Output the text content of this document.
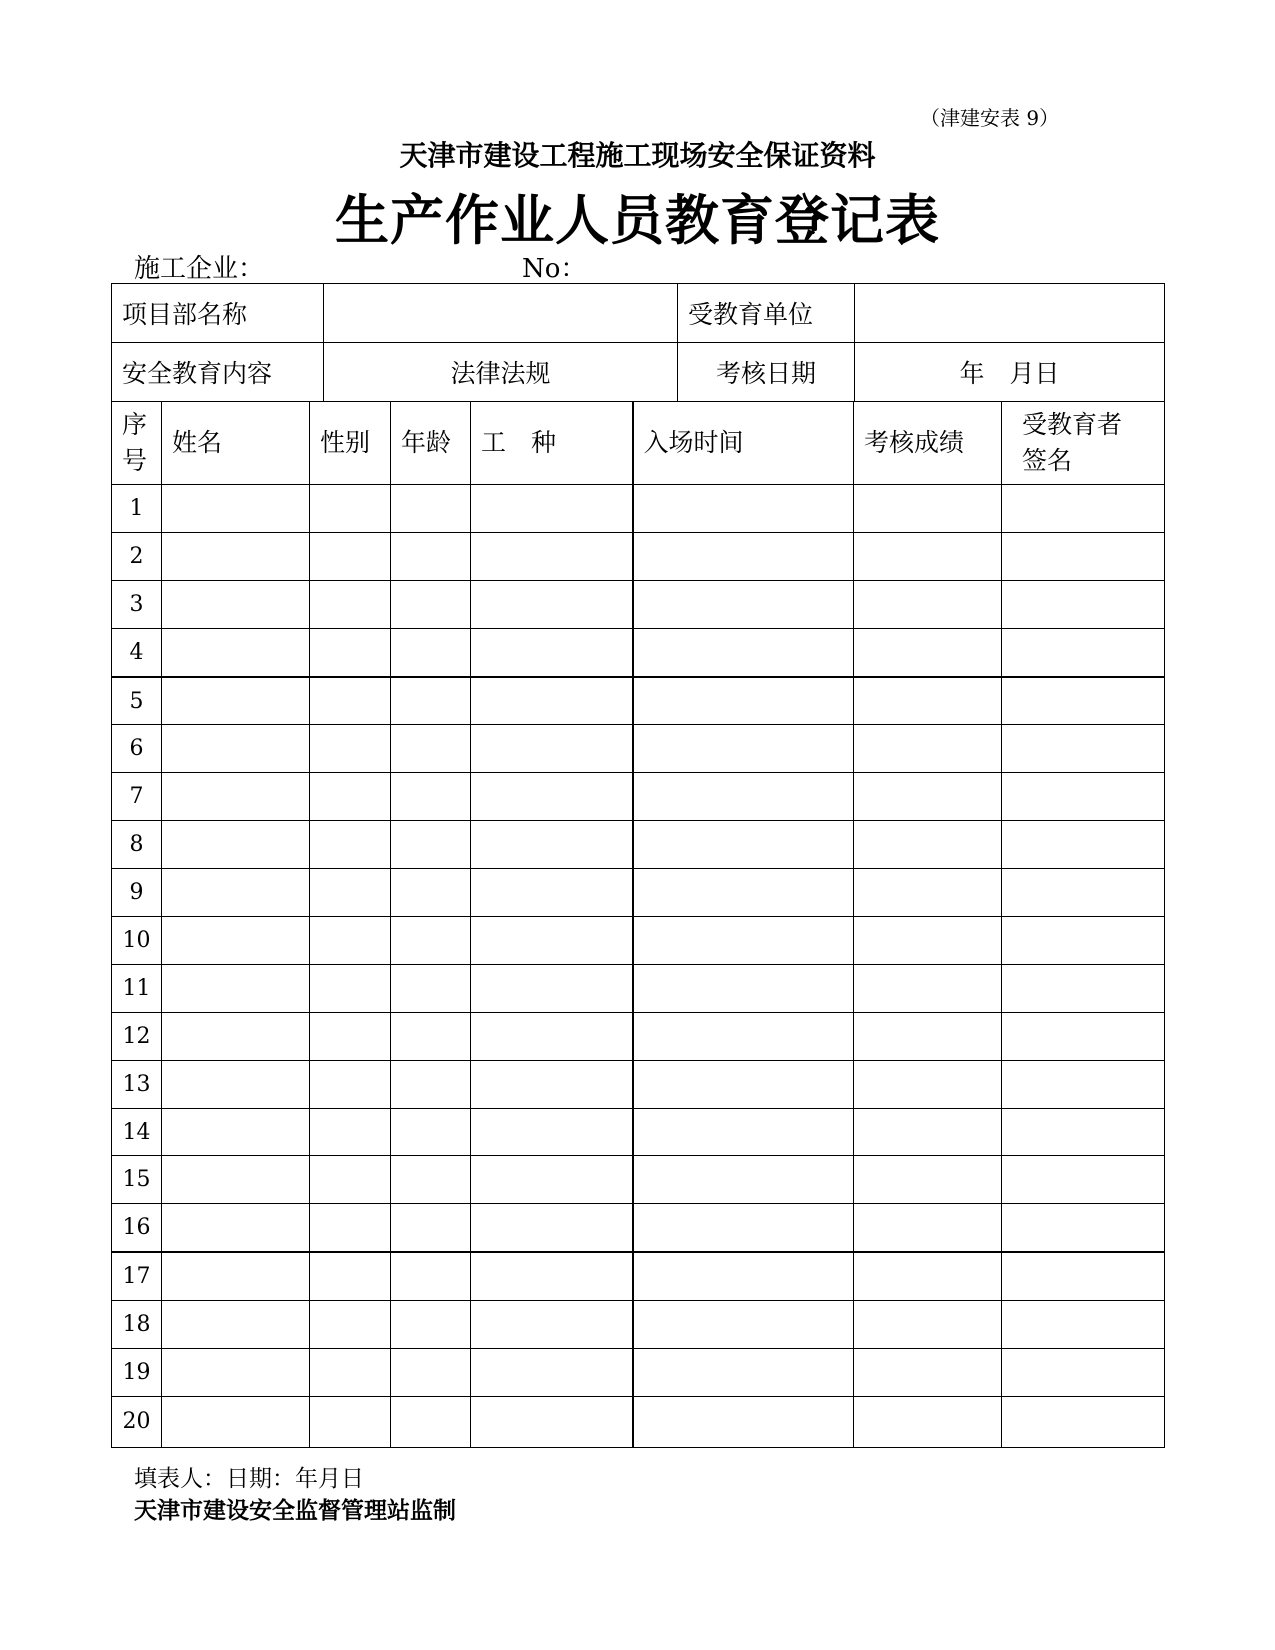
（津建安表 9）
天津市建设工程施工现场安全保证资料
生产作业人员教育登记表
施工企业：	No：
项目部名称		受教育单位	
安全教育内容	法律法规	考核日期	年　月日
序号	姓名	性别	年龄	工　种	入场时间	考核成绩	受教育者签名
1							
2							
3							
4							
5							
6							
7							
8							
9							
10							
11							
12							
13							
14							
15							
16							
17							
18							
19							
20							
填表人：日期：年月日
天津市建设安全监督管理站监制
